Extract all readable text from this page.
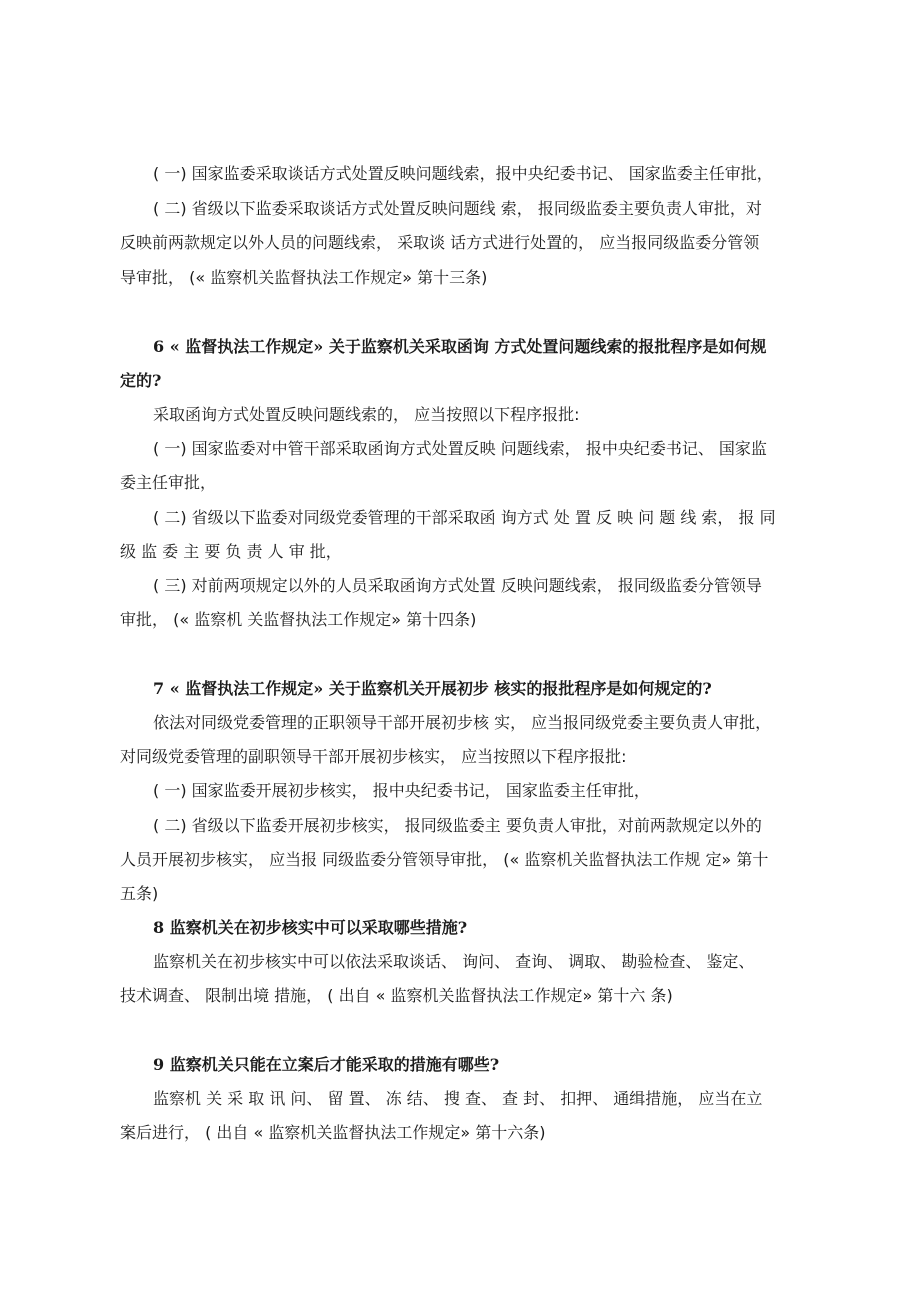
( 一) 国家监委采取谈话方式处置反映问题线索，报中央纪委书记、 国家监委主任审批，
( 二) 省级以下监委采取谈话方式处置反映问题线 索， 报同级监委主要负责人审批，对
反映前两款规定以外人员的问题线索， 采取谈 话方式进行处置的， 应当报同级监委分管领
导审批， (« 监察机关监督执法工作规定» 第十三条)
6 « 监督执法工作规定» 关于监察机关采取函询 方式处置问题线索的报批程序是如何规
定的?
采取函询方式处置反映问题线索的， 应当按照以下程序报批:
( 一) 国家监委对中管干部采取函询方式处置反映 问题线索， 报中央纪委书记、 国家监
委主任审批，
( 二) 省级以下监委对同级党委管理的干部采取函 询方式 处 置 反 映 问 题 线 索， 报 同
级 监 委 主 要 负 责 人 审 批，
( 三) 对前两项规定以外的人员采取函询方式处置 反映问题线索， 报同级监委分管领导
审批， (« 监察机 关监督执法工作规定» 第十四条)
7 « 监督执法工作规定» 关于监察机关开展初步 核实的报批程序是如何规定的?
依法对同级党委管理的正职领导干部开展初步核 实， 应当报同级党委主要负责人审批，
对同级党委管理的副职领导干部开展初步核实， 应当按照以下程序报批:
( 一) 国家监委开展初步核实， 报中央纪委书记， 国家监委主任审批，
( 二) 省级以下监委开展初步核实， 报同级监委主 要负责人审批，对前两款规定以外的
人员开展初步核实， 应当报 同级监委分管领导审批， (« 监察机关监督执法工作规 定» 第十
五条)
8 监察机关在初步核实中可以采取哪些措施?
监察机关在初步核实中可以依法采取谈话、 询问、 查询、 调取、 勘验检查、 鉴定、
技术调查、 限制出境 措施， ( 出自 « 监察机关监督执法工作规定» 第十六 条)
9 监察机关只能在立案后才能采取的措施有哪些?
监察机 关 采 取 讯 问、 留 置、 冻 结、 搜 查、 查 封、 扣押、 通缉措施， 应当在立
案后进行， ( 出自 « 监察机关监督执法工作规定» 第十六条)
